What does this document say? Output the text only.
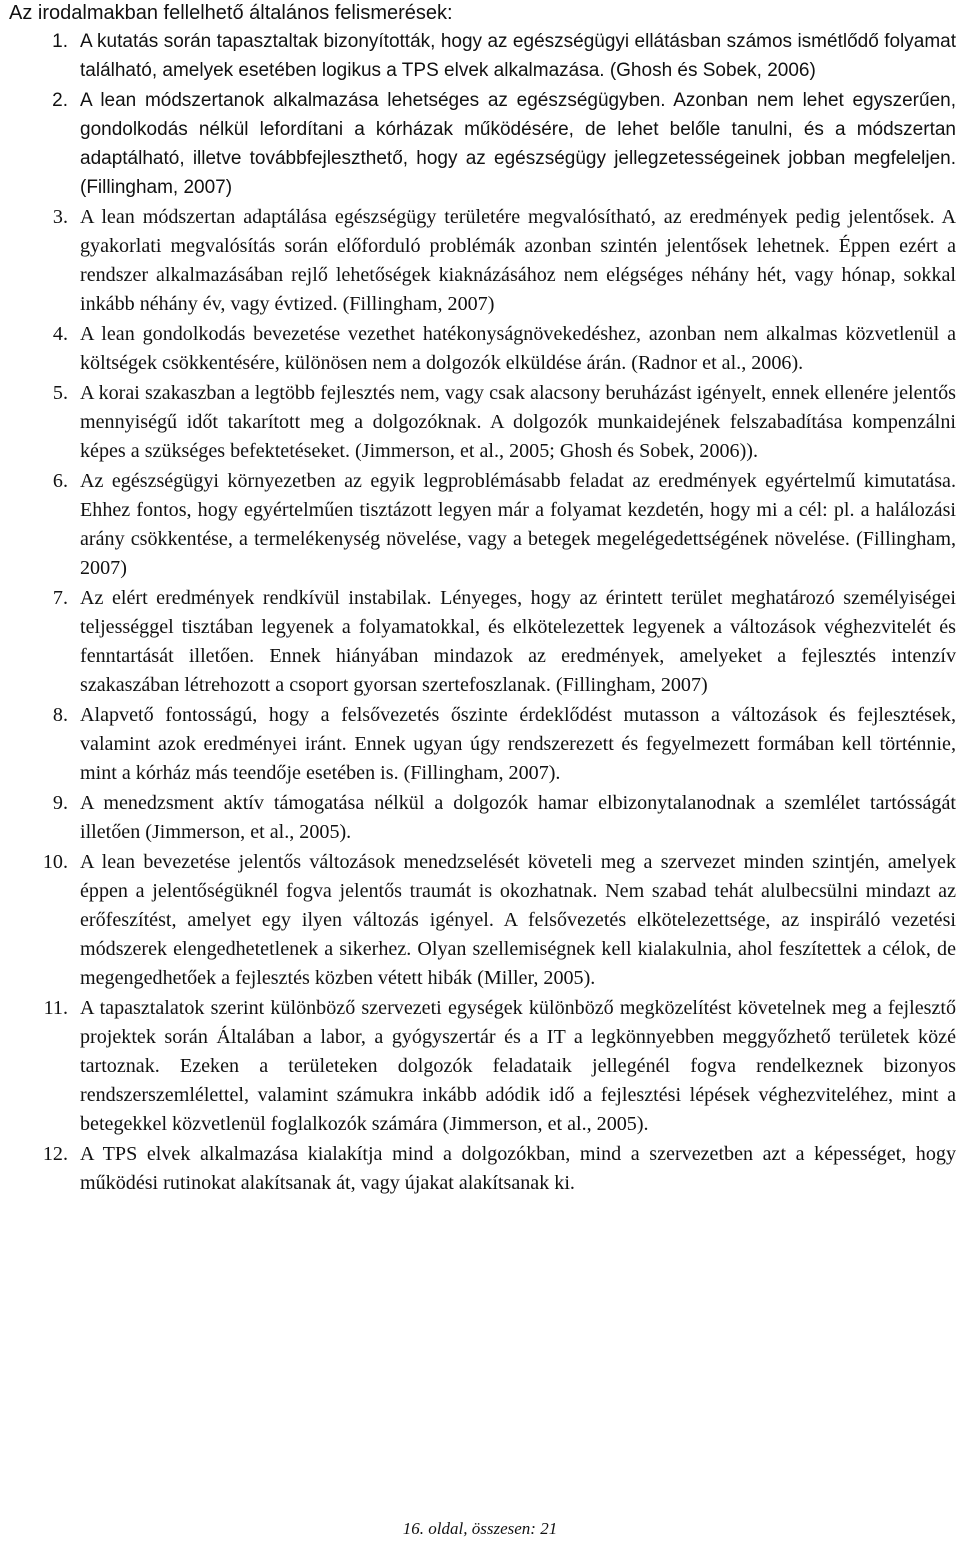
Az irodalmakban fellelhető általános felismerések:

1. A kutatás során tapasztaltak bizonyították, hogy az egészségügyi ellátásban számos ismétlődő folyamat található, amelyek esetében logikus a TPS elvek alkalmazása. (Ghosh és Sobek, 2006)
2. A lean módszertanok alkalmazása lehetséges az egészségügyben. Azonban nem lehet egyszerűen, gondolkodás nélkül lefordítani a kórházak működésére, de lehet belőle tanulni, és a módszertan adaptálható, illetve továbbfejleszthető, hogy az egészségügy jellegzetességeinek jobban megfeleljen. (Fillingham, 2007)
3. A lean módszertan adaptálása egészségügy területére megvalósítható, az eredmények pedig jelentősek. A gyakorlati megvalósítás során előforduló problémák azonban szintén jelentősek lehetnek. Éppen ezért a rendszer alkalmazásában rejlő lehetőségek kiaknázásához nem elégséges néhány hét, vagy hónap, sokkal inkább néhány év, vagy évtized. (Fillingham, 2007)
4. A lean gondolkodás bevezetése vezethet hatékonyságnövekedéshez, azonban nem alkalmas közvetlenül a költségek csökkentésére, különösen nem a dolgozók elküldése árán. (Radnor et al., 2006).
5. A korai szakaszban a legtöbb fejlesztés nem, vagy csak alacsony beruházást igényelt, ennek ellenére jelentős mennyiségű időt takarított meg a dolgozóknak. A dolgozók munkaidejének felszabadítása kompenzálni képes a szükséges befektetéseket. (Jimmerson, et al., 2005; Ghosh és Sobek, 2006)).
6. Az egészségügyi környezetben az egyik legproblémásabb feladat az eredmények egyértelmű kimutatása. Ehhez fontos, hogy egyértelműen tisztázott legyen már a folyamat kezdetén, hogy mi a cél: pl. a halálozási arány csökkentése, a termelékenység növelése, vagy a betegek megelégedettségének növelése. (Fillingham, 2007)
7. Az elért eredmények rendkívül instabilak. Lényeges, hogy az érintett terület meghatározó személyiségei teljességgel tisztában legyenek a folyamatokkal, és elkötelezettek legyenek a változások véghezvitelét és fenntartását illetően. Ennek hiányában mindazok az eredmények, amelyeket a fejlesztés intenzív szakaszában létrehozott a csoport gyorsan szertefoszlanak. (Fillingham, 2007)
8. Alapvető fontosságú, hogy a felsővezetés őszinte érdeklődést mutasson a változások és fejlesztések, valamint azok eredményei iránt. Ennek ugyan úgy rendszerezett és fegyelmezett formában kell történnie, mint a kórház más teendője esetében is. (Fillingham, 2007).
9. A menedzsment aktív támogatása nélkül a dolgozók hamar elbizonytalanodnak a szemlélet tartósságát illetően (Jimmerson, et al., 2005).
10. A lean bevezetése jelentős változások menedzselését követeli meg a szervezet minden szintjén, amelyek éppen a jelentőségüknél fogva jelentős traumát is okozhatnak. Nem szabad tehát alulbecsülni mindazt az erőfeszítést, amelyet egy ilyen változás igényel. A felsővezetés elkötelezettsége, az inspiráló vezetési módszerek elengedhetetlenek a sikerhez. Olyan szellemiségnek kell kialakulnia, ahol feszítettek a célok, de megengedhetőek a fejlesztés közben vétett hibák (Miller, 2005).
11. A tapasztalatok szerint különböző szervezeti egységek különböző megközelítést követelnek meg a fejlesztő projektek során Általában a labor, a gyógyszertár és a IT a legkönnyebben meggyőzhető területek közé tartoznak. Ezeken a területeken dolgozók feladataik jellegénél fogva rendelkeznek bizonyos rendszerszemlélettel, valamint számukra inkább adódik idő a fejlesztési lépések véghezviteléhez, mint a betegekkel közvetlenül foglalkozók számára (Jimmerson, et al., 2005).
12. A TPS elvek alkalmazása kialakítja mind a dolgozókban, mind a szervezetben azt a képességet, hogy működési rutinokat alakítsanak át, vagy újakat alakítsanak ki.
16. oldal, összesen: 21
